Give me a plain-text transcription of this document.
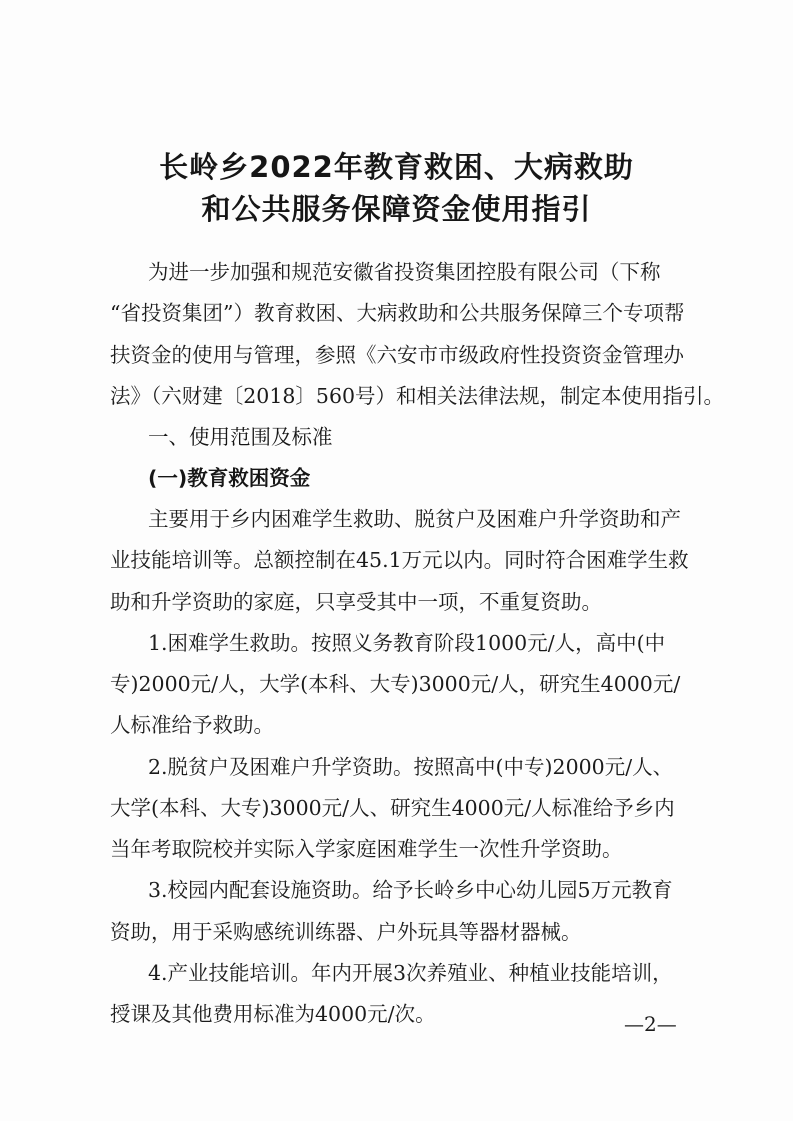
长岭乡2022年教育救困、大病救助
和公共服务保障资金使用指引
为进一步加强和规范安徽省投资集团控股有限公司（下称
“省投资集团”）教育救困、大病救助和公共服务保障三个专项帮
扶资金的使用与管理，参照《六安市市级政府性投资资金管理办
法》（六财建〔2018〕560号）和相关法律法规，制定本使用指引。
一、使用范围及标准
(一)教育救困资金
主要用于乡内困难学生救助、脱贫户及困难户升学资助和产
业技能培训等。总额控制在45.1万元以内。同时符合困难学生救
助和升学资助的家庭，只享受其中一项，不重复资助。
1.困难学生救助。按照义务教育阶段1000元/人，高中(中
专)2000元/人，大学(本科、大专)3000元/人，研究生4000元/
人标准给予救助。
2.脱贫户及困难户升学资助。按照高中(中专)2000元/人、
大学(本科、大专)3000元/人、研究生4000元/人标准给予乡内
当年考取院校并实际入学家庭困难学生一次性升学资助。
3.校园内配套设施资助。给予长岭乡中心幼儿园5万元教育
资助，用于采购感统训练器、户外玩具等器材器械。
4.产业技能培训。年内开展3次养殖业、种植业技能培训，
授课及其他费用标准为4000元/次。	—2—
